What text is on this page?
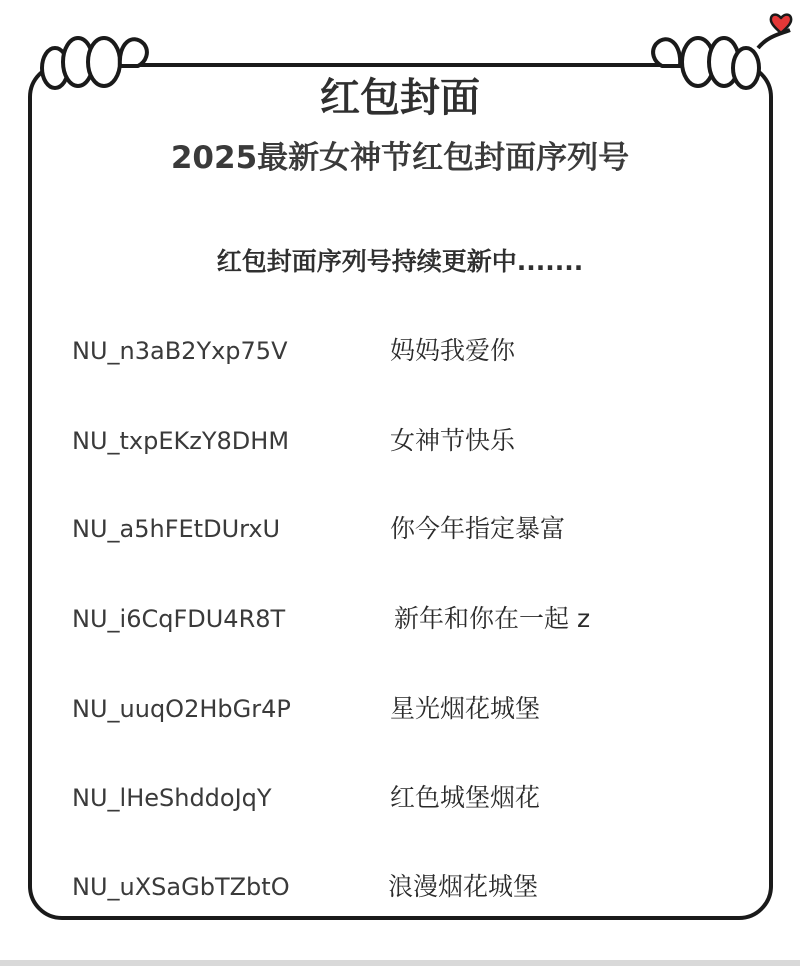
红包封面
2025最新女神节红包封面序列号

红包封面序列号持续更新中.......

NU_n3aB2Yxp75V	妈妈我爱你
NU_txpEKzY8DHM	女神节快乐
NU_a5hFEtDUrxU	你今年指定暴富
NU_i6CqFDU4R8T	新年和你在一起 z
NU_uuqO2HbGr4P	星光烟花城堡
NU_lHeShddoJqY	红色城堡烟花
NU_uXSaGbTZbtO	浪漫烟花城堡
